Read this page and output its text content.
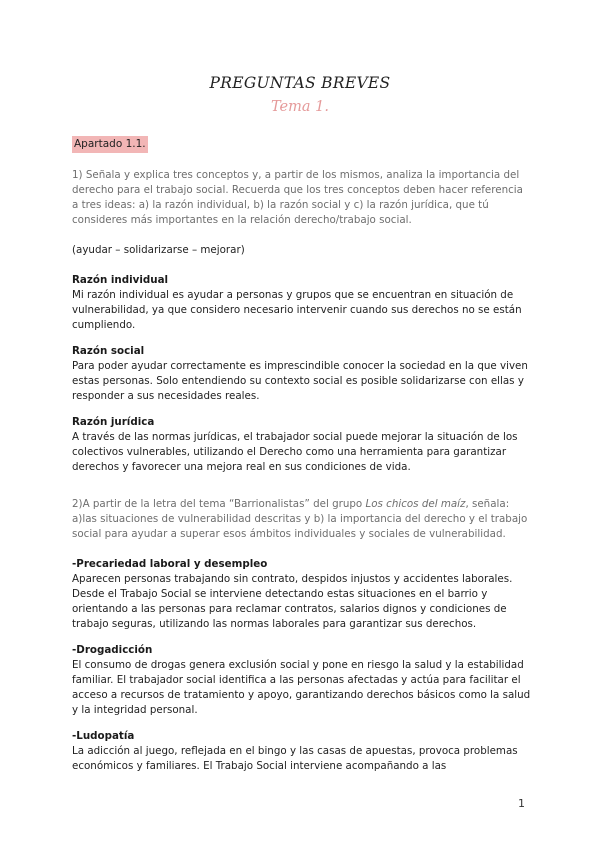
PREGUNTAS BREVES
Tema 1.
Apartado 1.1.

1) Señala y explica tres conceptos y, a partir de los mismos, analiza la importancia del derecho para el trabajo social. Recuerda que los tres conceptos deben hacer referencia a tres ideas: a) la razón individual, b) la razón social y c) la razón jurídica, que tú consideres más importantes en la relación derecho/trabajo social.

(ayudar – solidarizarse – mejorar)

Razón individual
Mi razón individual es ayudar a personas y grupos que se encuentran en situación de vulnerabilidad, ya que considero necesario intervenir cuando sus derechos no se están cumpliendo.
Razón social
Para poder ayudar correctamente es imprescindible conocer la sociedad en la que viven estas personas. Solo entendiendo su contexto social es posible solidarizarse con ellas y responder a sus necesidades reales.
Razón jurídica
A través de las normas jurídicas, el trabajador social puede mejorar la situación de los colectivos vulnerables, utilizando el Derecho como una herramienta para garantizar derechos y favorecer una mejora real en sus condiciones de vida.

2)A partir de la letra del tema “Barrionalistas” del grupo Los chicos del maíz, señala: a)las situaciones de vulnerabilidad descritas y b) la importancia del derecho y el trabajo social para ayudar a superar esos ámbitos individuales y sociales de vulnerabilidad.

-Precariedad laboral y desempleo
Aparecen personas trabajando sin contrato, despidos injustos y accidentes laborales. Desde el Trabajo Social se interviene detectando estas situaciones en el barrio y orientando a las personas para reclamar contratos, salarios dignos y condiciones de trabajo seguras, utilizando las normas laborales para garantizar sus derechos.
-Drogadicción
El consumo de drogas genera exclusión social y pone en riesgo la salud y la estabilidad familiar. El trabajador social identifica a las personas afectadas y actúa para facilitar el acceso a recursos de tratamiento y apoyo, garantizando derechos básicos como la salud y la integridad personal.
-Ludopatía
La adicción al juego, reflejada en el bingo y las casas de apuestas, provoca problemas económicos y familiares. El Trabajo Social interviene acompañando a las
1
